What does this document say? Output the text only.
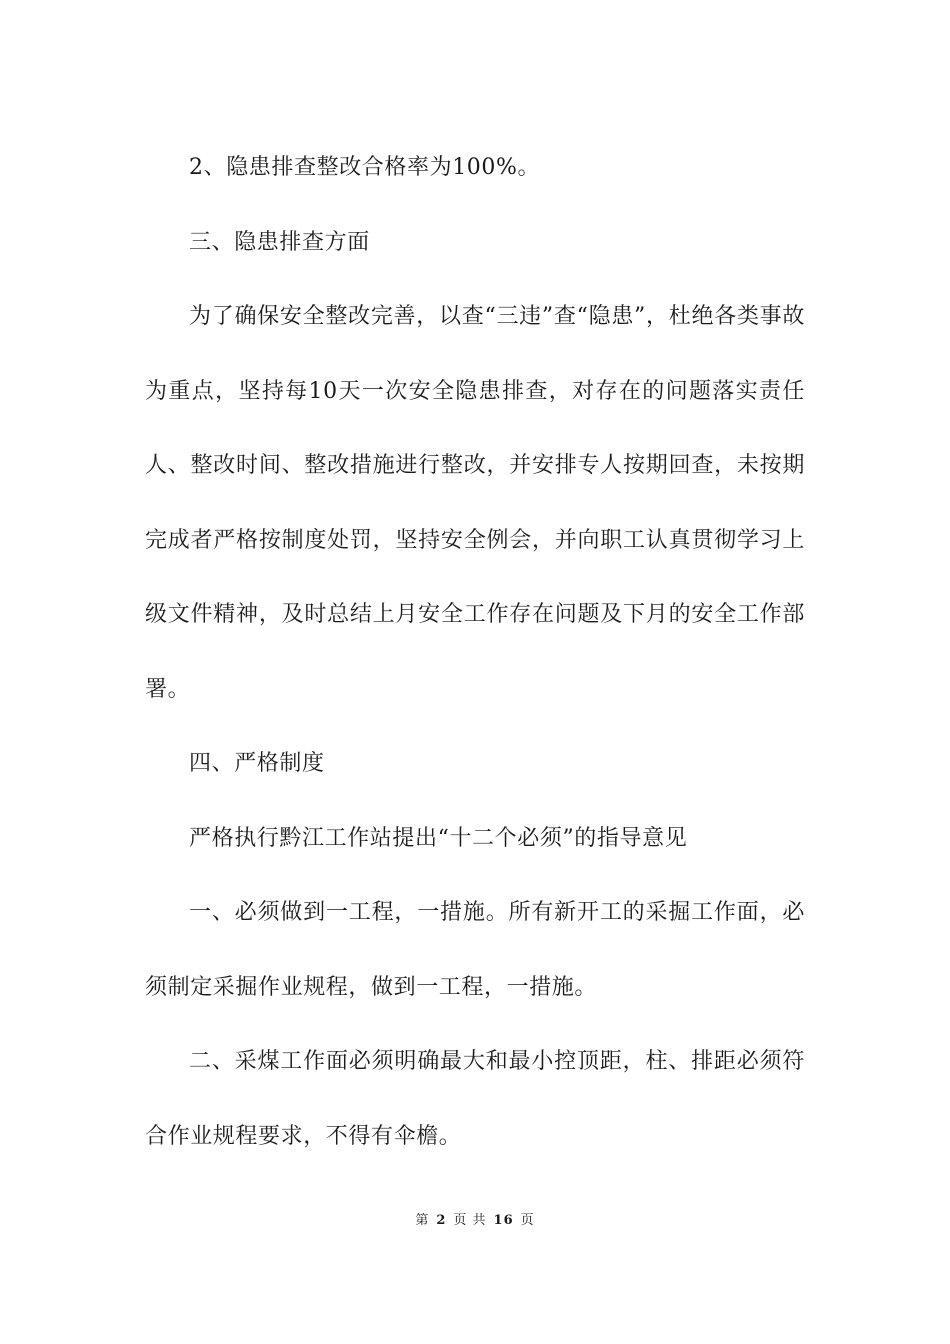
2、隐患排查整改合格率为100%。

三、隐患排查方面

为了确保安全整改完善，以查“三违”查“隐患”，杜绝各类事故为重点，坚持每10天一次安全隐患排查，对存在的问题落实责任人、整改时间、整改措施进行整改，并安排专人按期回查，未按期完成者严格按制度处罚，坚持安全例会，并向职工认真贯彻学习上级文件精神，及时总结上月安全工作存在问题及下月的安全工作部署。

四、严格制度

严格执行黔江工作站提出“十二个必须”的指导意见

一、必须做到一工程，一措施。所有新开工的采掘工作面，必须制定采掘作业规程，做到一工程，一措施。

二、采煤工作面必须明确最大和最小控顶距，柱、排距必须符合作业规程要求，不得有伞檐。

第 2 页 共 16 页
